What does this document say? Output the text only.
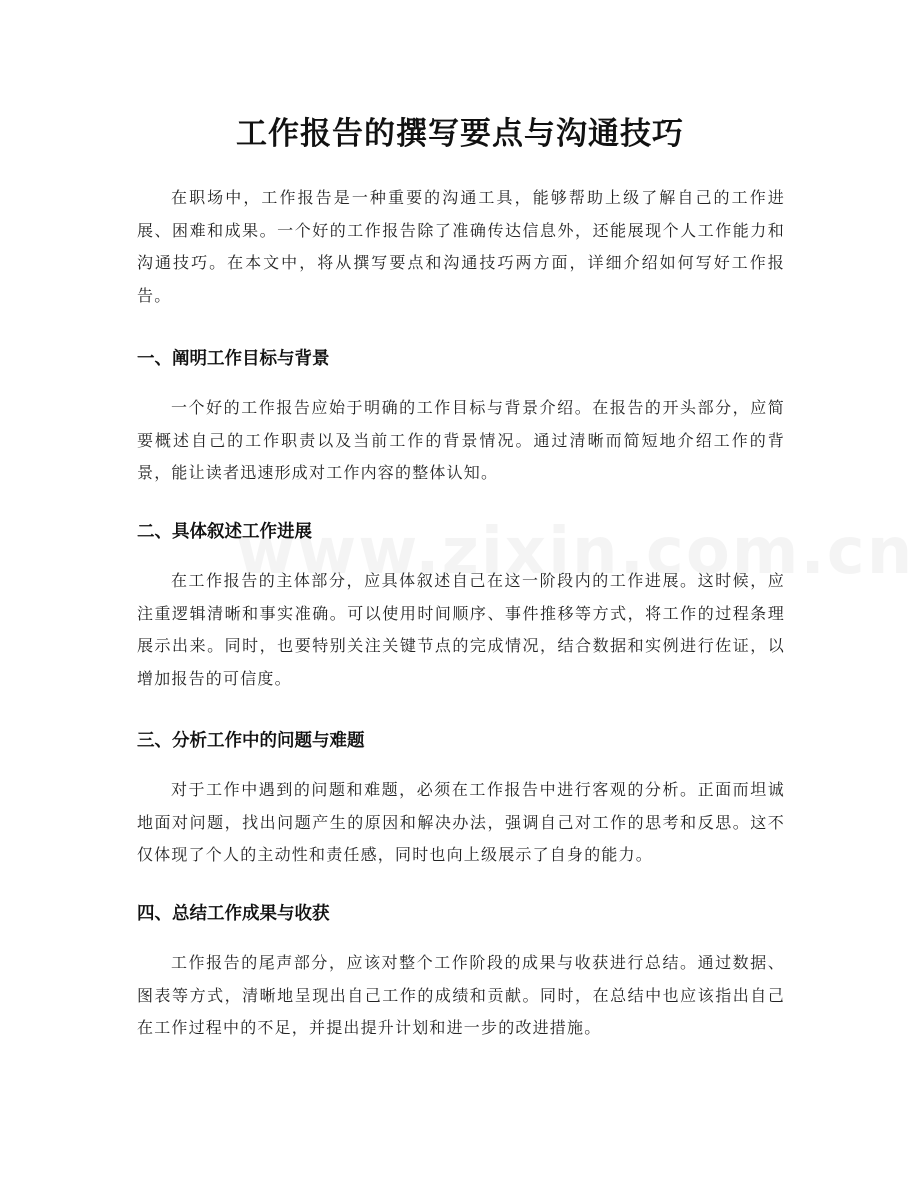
工作报告的撰写要点与沟通技巧

在职场中，工作报告是一种重要的沟通工具，能够帮助上级了解自己的工作进展、困难和成果。一个好的工作报告除了准确传达信息外，还能展现个人工作能力和沟通技巧。在本文中，将从撰写要点和沟通技巧两方面，详细介绍如何写好工作报告。

一、阐明工作目标与背景

一个好的工作报告应始于明确的工作目标与背景介绍。在报告的开头部分，应简要概述自己的工作职责以及当前工作的背景情况。通过清晰而简短地介绍工作的背景，能让读者迅速形成对工作内容的整体认知。

二、具体叙述工作进展

在工作报告的主体部分，应具体叙述自己在这一阶段内的工作进展。这时候，应注重逻辑清晰和事实准确。可以使用时间顺序、事件推移等方式，将工作的过程条理展示出来。同时，也要特别关注关键节点的完成情况，结合数据和实例进行佐证，以增加报告的可信度。

三、分析工作中的问题与难题

对于工作中遇到的问题和难题，必须在工作报告中进行客观的分析。正面而坦诚地面对问题，找出问题产生的原因和解决办法，强调自己对工作的思考和反思。这不仅体现了个人的主动性和责任感，同时也向上级展示了自身的能力。

四、总结工作成果与收获

工作报告的尾声部分，应该对整个工作阶段的成果与收获进行总结。通过数据、图表等方式，清晰地呈现出自己工作的成绩和贡献。同时，在总结中也应该指出自己在工作过程中的不足，并提出提升计划和进一步的改进措施。
